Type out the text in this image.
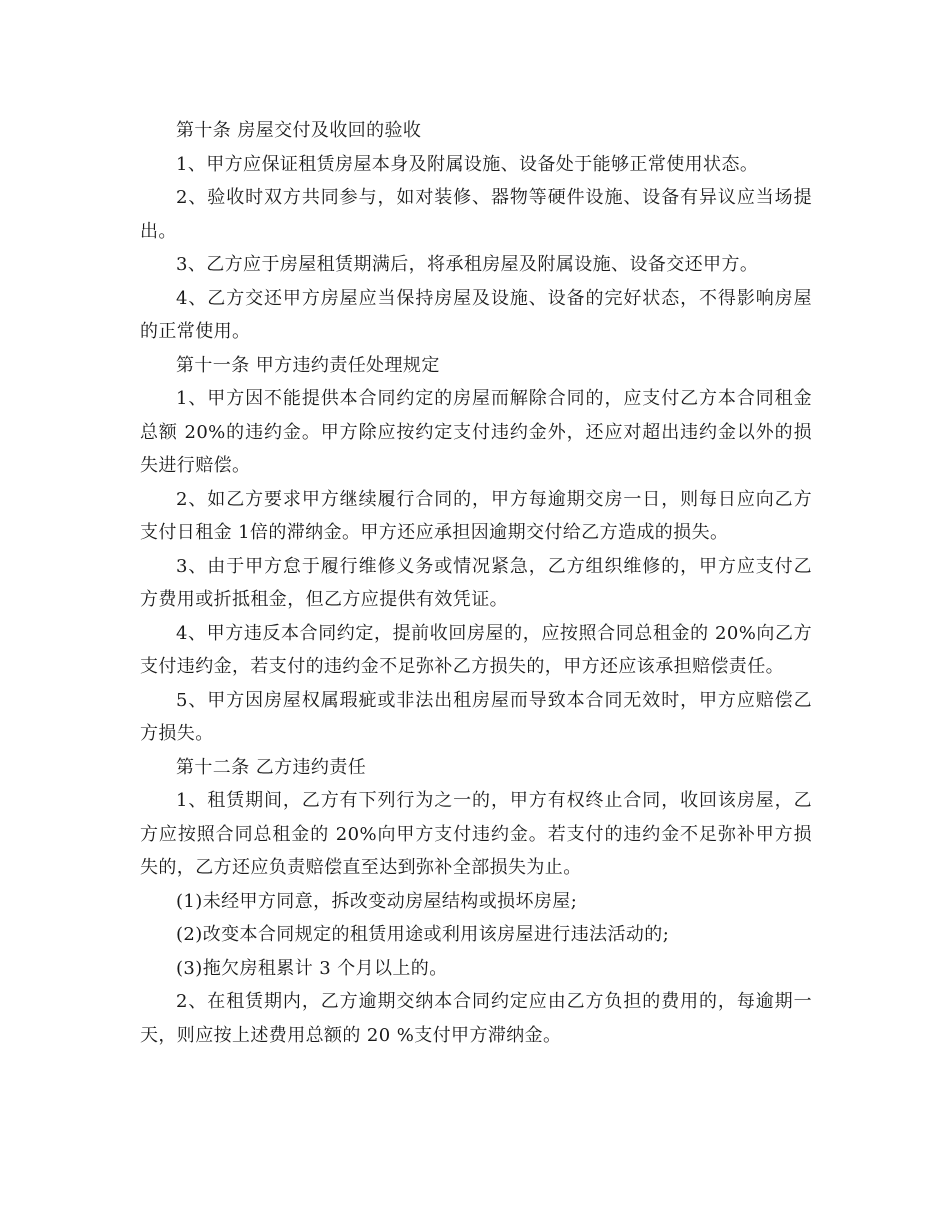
第十条 房屋交付及收回的验收

1、甲方应保证租赁房屋本身及附属设施、设备处于能够正常使用状态。

2、验收时双方共同参与，如对装修、器物等硬件设施、设备有异议应当场提出。

3、乙方应于房屋租赁期满后，将承租房屋及附属设施、设备交还甲方。

4、乙方交还甲方房屋应当保持房屋及设施、设备的完好状态，不得影响房屋的正常使用。

第十一条 甲方违约责任处理规定

1、甲方因不能提供本合同约定的房屋而解除合同的，应支付乙方本合同租金总额 20%的违约金。甲方除应按约定支付违约金外，还应对超出违约金以外的损失进行赔偿。

2、如乙方要求甲方继续履行合同的，甲方每逾期交房一日，则每日应向乙方支付日租金 1倍的滞纳金。甲方还应承担因逾期交付给乙方造成的损失。

3、由于甲方怠于履行维修义务或情况紧急，乙方组织维修的，甲方应支付乙方费用或折抵租金，但乙方应提供有效凭证。

4、甲方违反本合同约定，提前收回房屋的，应按照合同总租金的 20%向乙方支付违约金，若支付的违约金不足弥补乙方损失的，甲方还应该承担赔偿责任。

5、甲方因房屋权属瑕疵或非法出租房屋而导致本合同无效时，甲方应赔偿乙方损失。

第十二条 乙方违约责任

1、租赁期间，乙方有下列行为之一的，甲方有权终止合同，收回该房屋，乙方应按照合同总租金的 20%向甲方支付违约金。若支付的违约金不足弥补甲方损失的，乙方还应负责赔偿直至达到弥补全部损失为止。

(1)未经甲方同意，拆改变动房屋结构或损坏房屋;

(2)改变本合同规定的租赁用途或利用该房屋进行违法活动的;

(3)拖欠房租累计 3 个月以上的。

2、在租赁期内，乙方逾期交纳本合同约定应由乙方负担的费用的，每逾期一天，则应按上述费用总额的 20 %支付甲方滞纳金。
